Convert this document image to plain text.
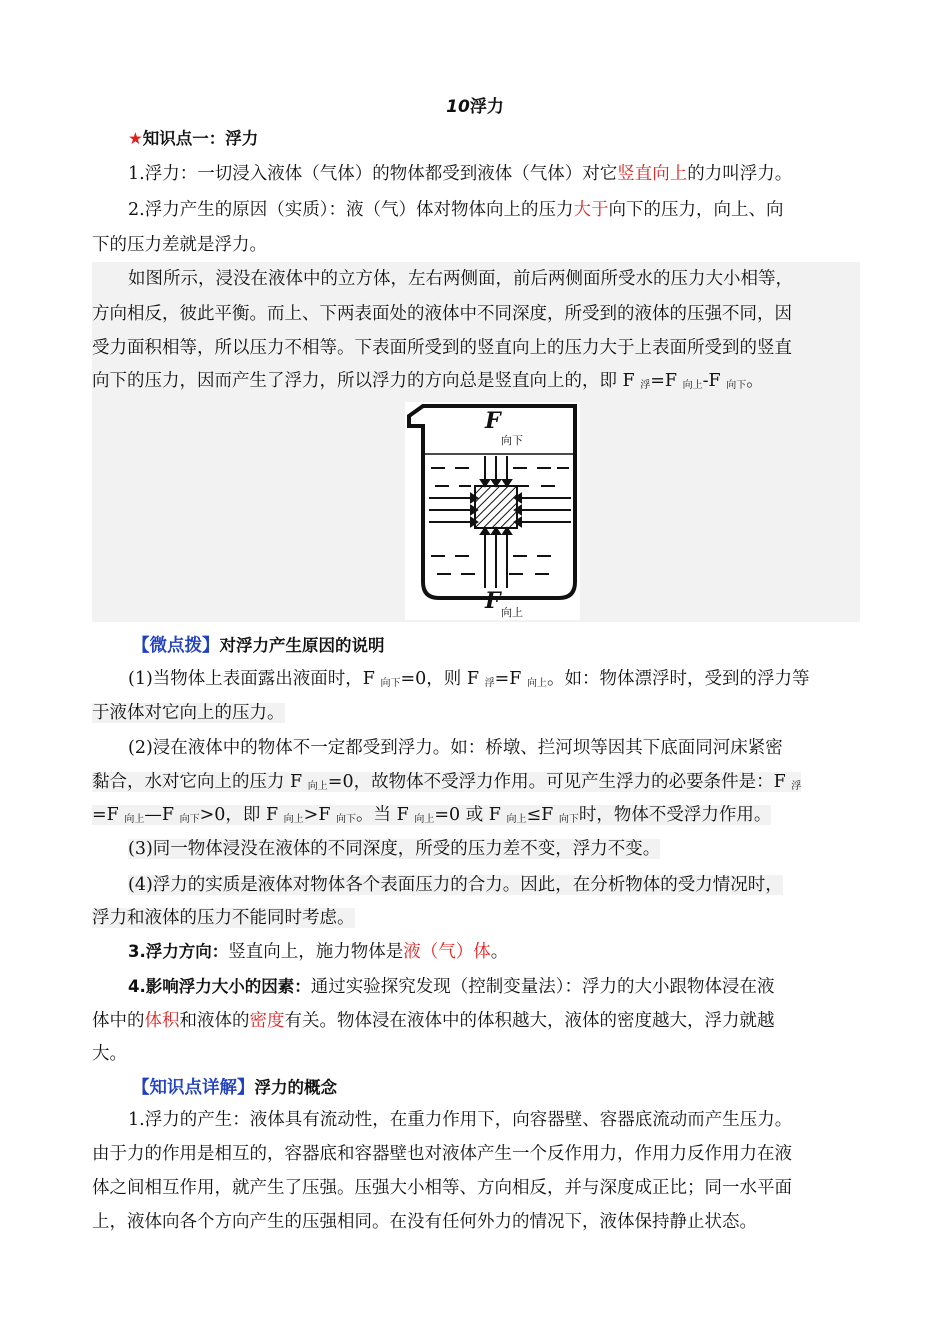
10浮力
★知识点一：浮力
1.浮力：一切浸入液体（气体）的物体都受到液体（气体）对它竖直向上的力叫浮力。
2.浮力产生的原因（实质）：液（气）体对物体向上的压力大于向下的压力，向上、向
下的压力差就是浮力。
如图所示，浸没在液体中的立方体，左右两侧面，前后两侧面所受水的压力大小相等，
方向相反，彼此平衡。而上、下两表面处的液体中不同深度，所受到的液体的压强不同，因
受力面积相等，所以压力不相等。下表面所受到的竖直向上的压力大于上表面所受到的竖直
向下的压力，因而产生了浮力，所以浮力的方向总是竖直向上的，即 F $_浮$=F $_{向上}$-F $_{向下}$。
F
向下
F 向上
【微点拨】对浮力产生原因的说明
(1)当物体上表面露出液面时，F $_{向下}$=0，则 F $_浮$=F $_{向上}$。如：物体漂浮时，受到的浮力等
于液体对它向上的压力。
(2)浸在液体中的物体不一定都受到浮力。如：桥墩、拦河坝等因其下底面同河床紧密
黏合，水对它向上的压力 F $_{向上}$=0，故物体不受浮力作用。可见产生浮力的必要条件是：F $_浮$
=F $_{向上}$—F $_{向下}$>0，即 F $_{向上}$>F $_{向下}$。当 F $_{向上}$=0 或 F $_{向上}$≤F $_{向下}$时，物体不受浮力作用。
(3)同一物体浸没在液体的不同深度，所受的压力差不变，浮力不变。
(4)浮力的实质是液体对物体各个表面压力的合力。因此，在分析物体的受力情况时，
浮力和液体的压力不能同时考虑。
3.浮力方向：竖直向上，施力物体是液（气）体。
4.影响浮力大小的因素：通过实验探究发现（控制变量法）：浮力的大小跟物体浸在液
体中的体积和液体的密度有关。物体浸在液体中的体积越大，液体的密度越大，浮力就越
大。
【知识点详解】浮力的概念
1.浮力的产生：液体具有流动性，在重力作用下，向容器壁、容器底流动而产生压力。
由于力的作用是相互的，容器底和容器壁也对液体产生一个反作用力，作用力反作用力在液
体之间相互作用，就产生了压强。压强大小相等、方向相反，并与深度成正比；同一水平面
上，液体向各个方向产生的压强相同。在没有任何外力的情况下，液体保持静止状态。
